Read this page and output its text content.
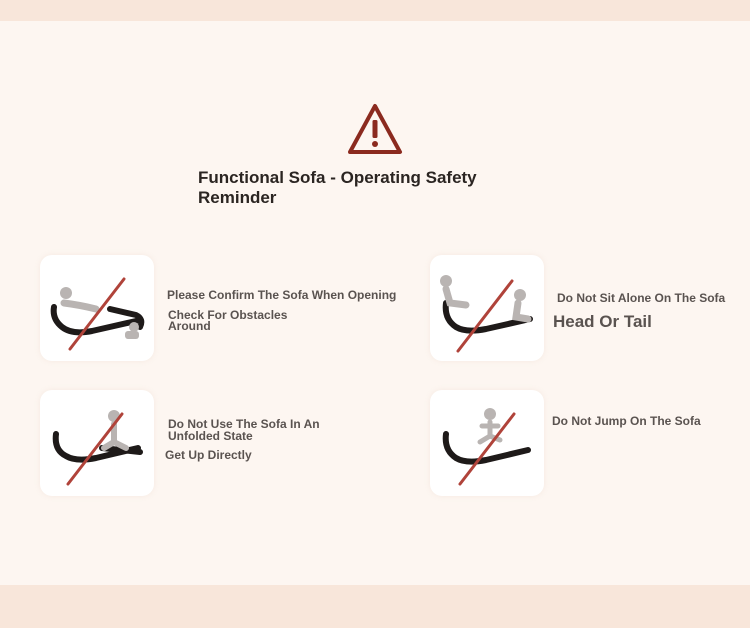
Functional Sofa - Operating Safety Reminder
Please Confirm The Sofa When Opening
Check For Obstacles Around
Do Not Sit Alone On The Sofa
Head Or Tail
Do Not Use The Sofa In An Unfolded State
Get Up Directly
Do Not Jump On The Sofa
